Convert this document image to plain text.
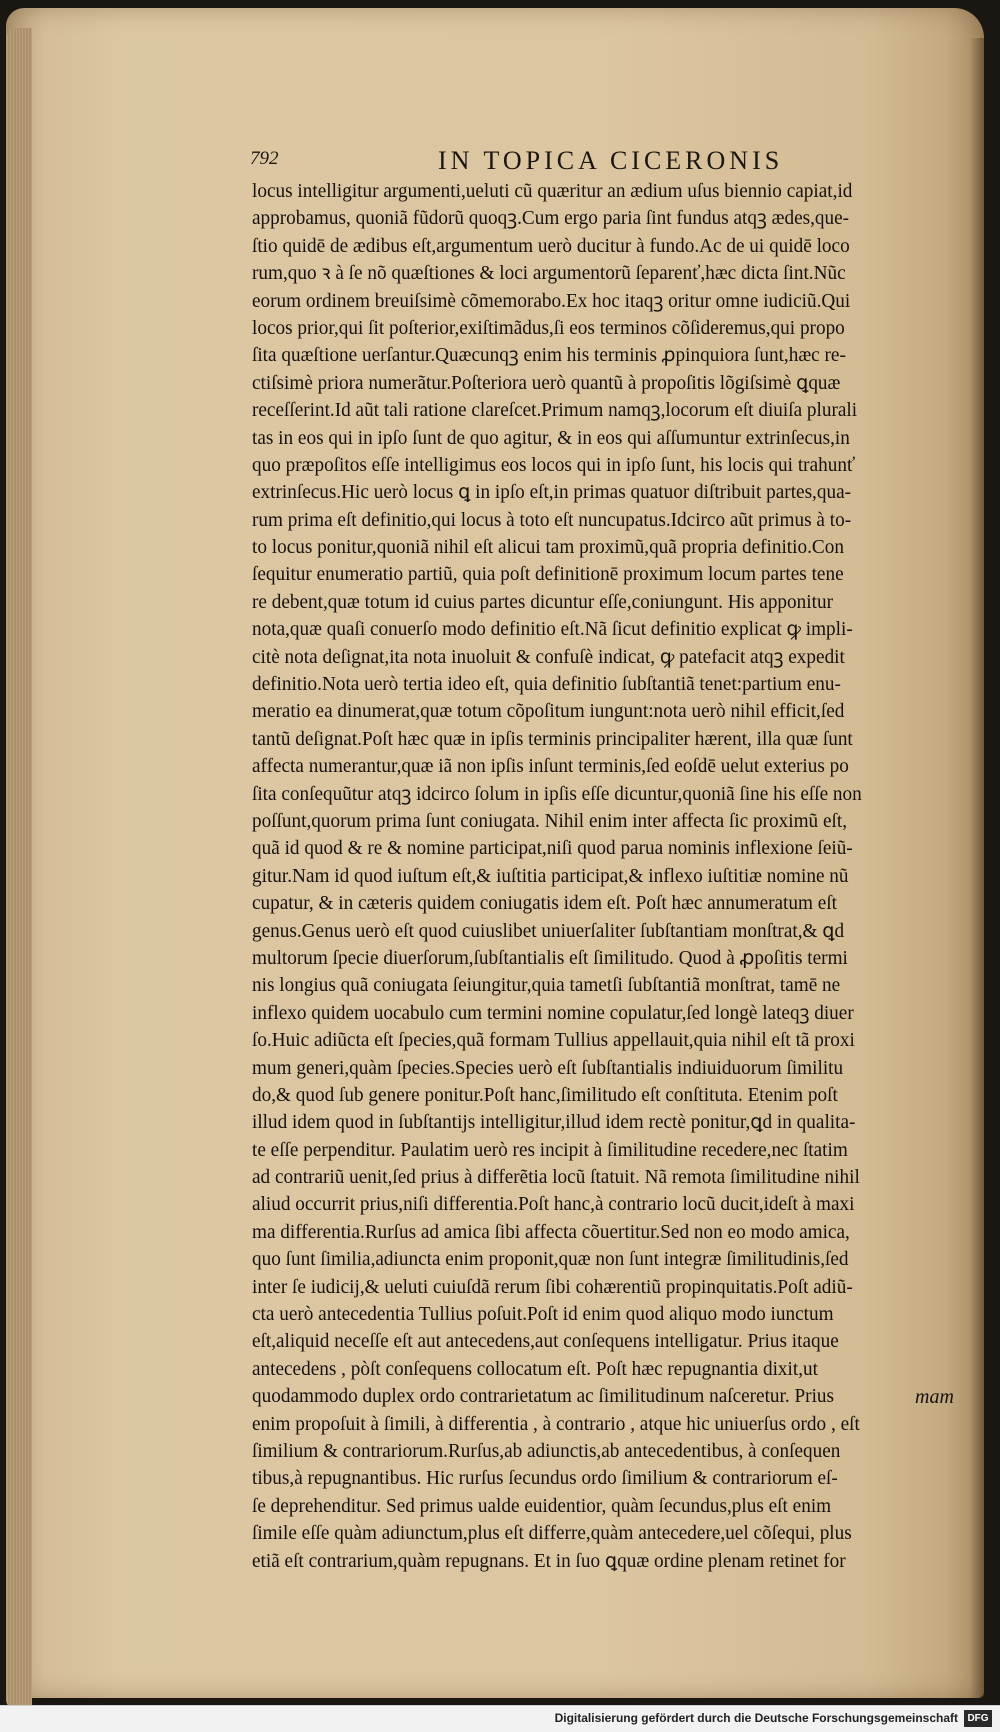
792	IN TOPICA CICERONIS
locus intelligitur argumenti,ueluti cũ quæritur an ædium uſus biennio capiat,id
approbamus, quoniã fũdorũ quoqꝫ.Cum ergo paria ſint fundus atqꝫ ædes,que-
ſtio quidē de ædibus eſt,argumentum uerò ducitur à fundo.Ac de ui quidē loco
rum,quo ꝛ à ſe nõ quæſtiones & loci argumentorũ ſeparenť,hæc dicta ſint.Nũc
eorum ordinem breuiſsimè cõmemorabo.Ex hoc itaqꝫ oritur omne iudiciũ.Qui
locos prior,qui ſit poſterior,exiſtimãdus,ſi eos terminos cõſideremus,qui propo
ſita quæſtione uerſantur.Quæcunqꝫ enim his terminis ꝓpinquiora ſunt,hæc re-
ctiſsimè priora numerãtur.Poſteriora uerò quantũ à propoſitis lõgiſsimè ꝗquæ
receſſerint.Id aũt tali ratione clareſcet.Primum namqꝫ,locorum eſt diuiſa plurali
tas in eos qui in ipſo ſunt de quo agitur, & in eos qui aſſumuntur extrinſecus,in
quo præpoſitos eſſe intelligimus eos locos qui in ipſo ſunt, his locis qui trahunť
extrinſecus.Hic uerò locus ꝗ in ipſo eſt,in primas quatuor diſtribuit partes,qua-
rum prima eſt definitio,qui locus à toto eſt nuncupatus.Idcirco aũt primus à to-
to locus ponitur,quoniã nihil eſt alicui tam proximũ,quã propria definitio.Con
ſequitur enumeratio partiũ, quia poſt definitionē proximum locum partes tene
re debent,quæ totum id cuius partes dicuntur eſſe,coniungunt. His apponitur
nota,quæ quaſi conuerſo modo definitio eſt.Nã ſicut definitio explicat ꝙ impli-
citè nota deſignat,ita nota inuoluit & confuſè indicat, ꝙ patefacit atqꝫ expedit
definitio.Nota uerò tertia ideo eſt, quia definitio ſubſtantiã tenet:partium enu-
meratio ea dinumerat,quæ totum cõpoſitum iungunt:nota uerò nihil efficit,ſed
tantũ deſignat.Poſt hæc quæ in ipſis terminis principaliter hærent, illa quæ ſunt
affecta numerantur,quæ iã non ipſis inſunt terminis,ſed eoſdē uelut exterius po
ſita conſequũtur atqꝫ idcirco ſolum in ipſis eſſe dicuntur,quoniã ſine his eſſe non
poſſunt,quorum prima ſunt coniugata. Nihil enim inter affecta ſic proximũ eſt,
quã id quod & re & nomine participat,niſi quod parua nominis inflexione ſeiũ-
gitur.Nam id quod iuſtum eſt,& iuſtitia participat,& inflexo iuſtitiæ nomine nũ
cupatur, & in cæteris quidem coniugatis idem eſt. Poſt hæc annumeratum eſt
genus.Genus uerò eſt quod cuiuslibet uniuerſaliter ſubſtantiam monſtrat,& ꝗd
multorum ſpecie diuerſorum,ſubſtantialis eſt ſimilitudo. Quod à ꝓpoſitis termi
nis longius quã coniugata ſeiungitur,quia tametſi ſubſtantiã monſtrat, tamē ne
inflexo quidem uocabulo cum termini nomine copulatur,ſed longè lateqꝫ diuer
ſo.Huic adiũcta eſt ſpecies,quã formam Tullius appellauit,quia nihil eſt tã proxi
mum generi,quàm ſpecies.Species uerò eſt ſubſtantialis indiuiduorum ſimilitu
do,& quod ſub genere ponitur.Poſt hanc,ſimilitudo eſt conſtituta. Etenim poſt
illud idem quod in ſubſtantijs intelligitur,illud idem rectè ponitur,ꝗd in qualita-
te eſſe perpenditur. Paulatim uerò res incipit à ſimilitudine recedere,nec ſtatim
ad contrariũ uenit,ſed prius à differẽtia locũ ſtatuit. Nã remota ſimilitudine nihil
aliud occurrit prius,niſi differentia.Poſt hanc,à contrario locũ ducit,ideſt à maxi
ma differentia.Rurſus ad amica ſibi affecta cõuertitur.Sed non eo modo amica,
quo ſunt ſimilia,adiuncta enim proponit,quæ non ſunt integræ ſimilitudinis,ſed
inter ſe iudicij,& ueluti cuiuſdã rerum ſibi cohærentiũ propinquitatis.Poſt adiũ-
cta uerò antecedentia Tullius poſuit.Poſt id enim quod aliquo modo iunctum
eſt,aliquid neceſſe eſt aut antecedens,aut conſequens intelligatur. Prius itaque
antecedens , pòſt conſequens collocatum eſt. Poſt hæc repugnantia dixit,ut
quodammodo duplex ordo contrarietatum ac ſimilitudinum naſceretur. Prius
enim propoſuit à ſimili, à differentia , à contrario , atque hic uniuerſus ordo , eſt
ſimilium & contrariorum.Rurſus,ab adiunctis,ab antecedentibus, à conſequen
tibus,à repugnantibus. Hic rurſus ſecundus ordo ſimilium & contrariorum eſ-
ſe deprehenditur. Sed primus ualde euidentior, quàm ſecundus,plus eſt enim
ſimile eſſe quàm adiunctum,plus eſt differre,quàm antecedere,uel cõſequi, plus
etiã eſt contrarium,quàm repugnans. Et in ſuo ꝗquæ ordine plenam retinet for
mam
Digitalisierung gefördert durch die Deutsche Forschungsgemeinschaft DFG
